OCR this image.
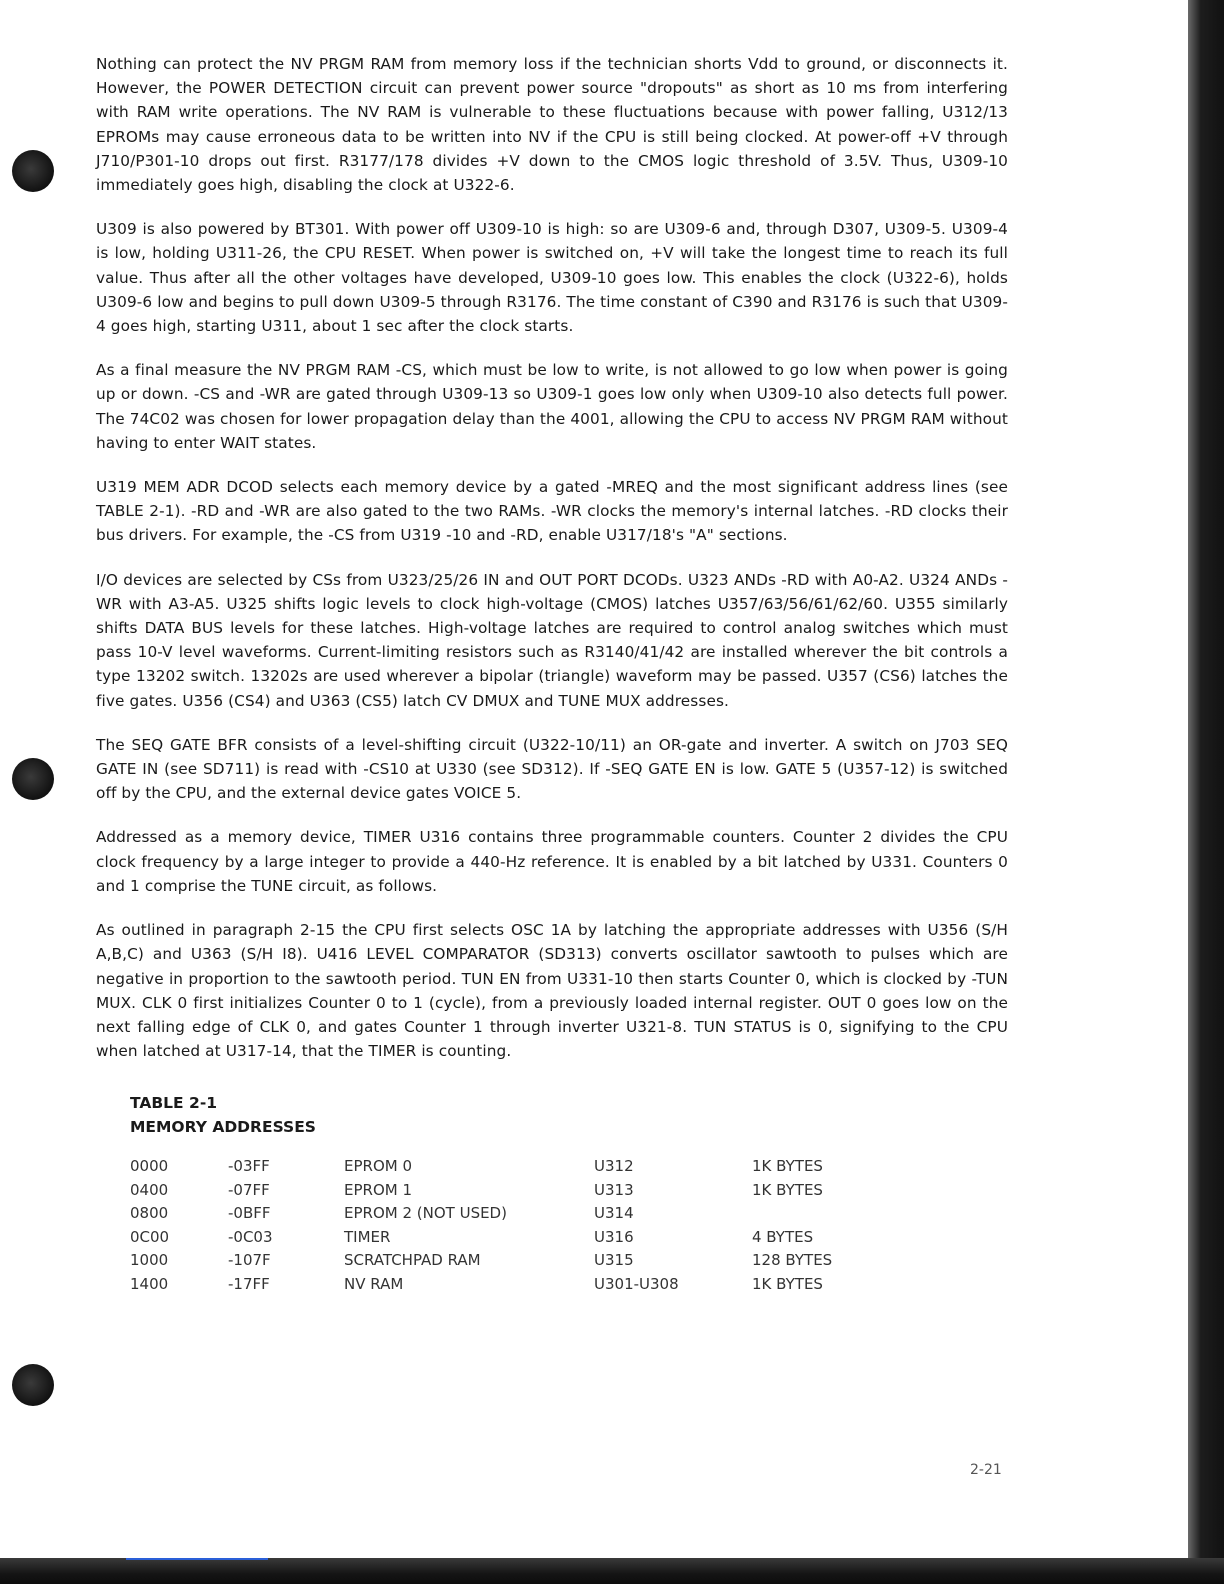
Nothing can protect the NV PRGM RAM from memory loss if the technician shorts Vdd to ground, or disconnects it. However, the POWER DETECTION circuit can prevent power source "dropouts" as short as 10 ms from interfering with RAM write operations. The NV RAM is vulnerable to these fluctuations because with power falling, U312/13 EPROMs may cause erroneous data to be written into NV if the CPU is still being clocked. At power-off +V through J710/P301-10 drops out first. R3177/178 divides +V down to the CMOS logic threshold of 3.5V. Thus, U309-10 immediately goes high, disabling the clock at U322-6.

U309 is also powered by BT301. With power off U309-10 is high: so are U309-6 and, through D307, U309-5. U309-4 is low, holding U311-26, the CPU RESET. When power is switched on, +V will take the longest time to reach its full value. Thus after all the other voltages have developed, U309-10 goes low. This enables the clock (U322-6), holds U309-6 low and begins to pull down U309-5 through R3176. The time constant of C390 and R3176 is such that U309-4 goes high, starting U311, about 1 sec after the clock starts.

As a final measure the NV PRGM RAM -CS, which must be low to write, is not allowed to go low when power is going up or down. -CS and -WR are gated through U309-13 so U309-1 goes low only when U309-10 also detects full power. The 74C02 was chosen for lower propagation delay than the 4001, allowing the CPU to access NV PRGM RAM without having to enter WAIT states.

U319 MEM ADR DCOD selects each memory device by a gated -MREQ and the most significant address lines (see TABLE 2-1). -RD and -WR are also gated to the two RAMs. -WR clocks the memory's internal latches. -RD clocks their bus drivers. For example, the -CS from U319 -10 and -RD, enable U317/18's "A" sections.

I/O devices are selected by CSs from U323/25/26 IN and OUT PORT DCODs. U323 ANDs -RD with A0-A2. U324 ANDs -WR with A3-A5. U325 shifts logic levels to clock high-voltage (CMOS) latches U357/63/56/61/62/60. U355 similarly shifts DATA BUS levels for these latches. High-voltage latches are required to control analog switches which must pass 10-V level waveforms. Current-limiting resistors such as R3140/41/42 are installed wherever the bit controls a type 13202 switch. 13202s are used wherever a bipolar (triangle) waveform may be passed. U357 (CS6) latches the five gates. U356 (CS4) and U363 (CS5) latch CV DMUX and TUNE MUX addresses.

The SEQ GATE BFR consists of a level-shifting circuit (U322-10/11) an OR-gate and inverter. A switch on J703 SEQ GATE IN (see SD711) is read with -CS10 at U330 (see SD312). If -SEQ GATE EN is low. GATE 5 (U357-12) is switched off by the CPU, and the external device gates VOICE 5.

Addressed as a memory device, TIMER U316 contains three programmable counters. Counter 2 divides the CPU clock frequency by a large integer to provide a 440-Hz reference. It is enabled by a bit latched by U331. Counters 0 and 1 comprise the TUNE circuit, as follows.

As outlined in paragraph 2-15 the CPU first selects OSC 1A by latching the appropriate addresses with U356 (S/H A,B,C) and U363 (S/H I8). U416 LEVEL COMPARATOR (SD313) converts oscillator sawtooth to pulses which are negative in proportion to the sawtooth period. TUN EN from U331-10 then starts Counter 0, which is clocked by -TUN MUX. CLK 0 first initializes Counter 0 to 1 (cycle), from a previously loaded internal register. OUT 0 goes low on the next falling edge of CLK 0, and gates Counter 1 through inverter U321-8. TUN STATUS is 0, signifying to the CPU when latched at U317-14, that the TIMER is counting.

TABLE 2-1
MEMORY ADDRESSES
0000	-03FF	EPROM 0	U312	1K BYTES
0400	-07FF	EPROM 1	U313	1K BYTES
0800	-0BFF	EPROM 2 (NOT USED)	U314	
0C00	-0C03	TIMER	U316	4 BYTES
1000	-107F	SCRATCHPAD RAM	U315	128 BYTES
1400	-17FF	NV RAM	U301-U308	1K BYTES
2-21
